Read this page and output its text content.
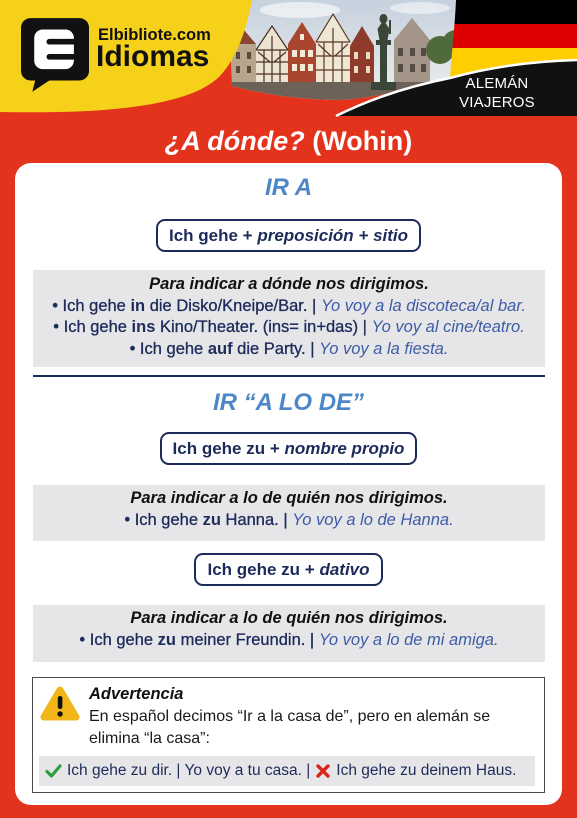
Elbibliote.com
Idiomas
ALEMÁN
VIAJEROS
¿A dónde? (Wohin)
IR A
Ich gehe + preposición + sitio
Para indicar a dónde nos dirigimos.
• Ich gehe in die Disko/Kneipe/Bar. | Yo voy a la discoteca/al bar.
• Ich gehe ins Kino/Theater. (ins= in+das) | Yo voy al cine/teatro.
• Ich gehe auf die Party. | Yo voy a la fiesta.
IR “A LO DE”
Ich gehe zu + nombre propio
Para indicar a lo de quién nos dirigimos.
• Ich gehe zu Hanna. | Yo voy a lo de Hanna.
Ich gehe zu + dativo
Para indicar a lo de quién nos dirigimos.
• Ich gehe zu meiner Freundin. | Yo voy a lo de mi amiga.
Advertencia
En español decimos “Ir a la casa de”, pero en alemán se elimina “la casa”:
Ich gehe zu dir. | Yo voy a tu casa. | Ich gehe zu deinem Haus.
